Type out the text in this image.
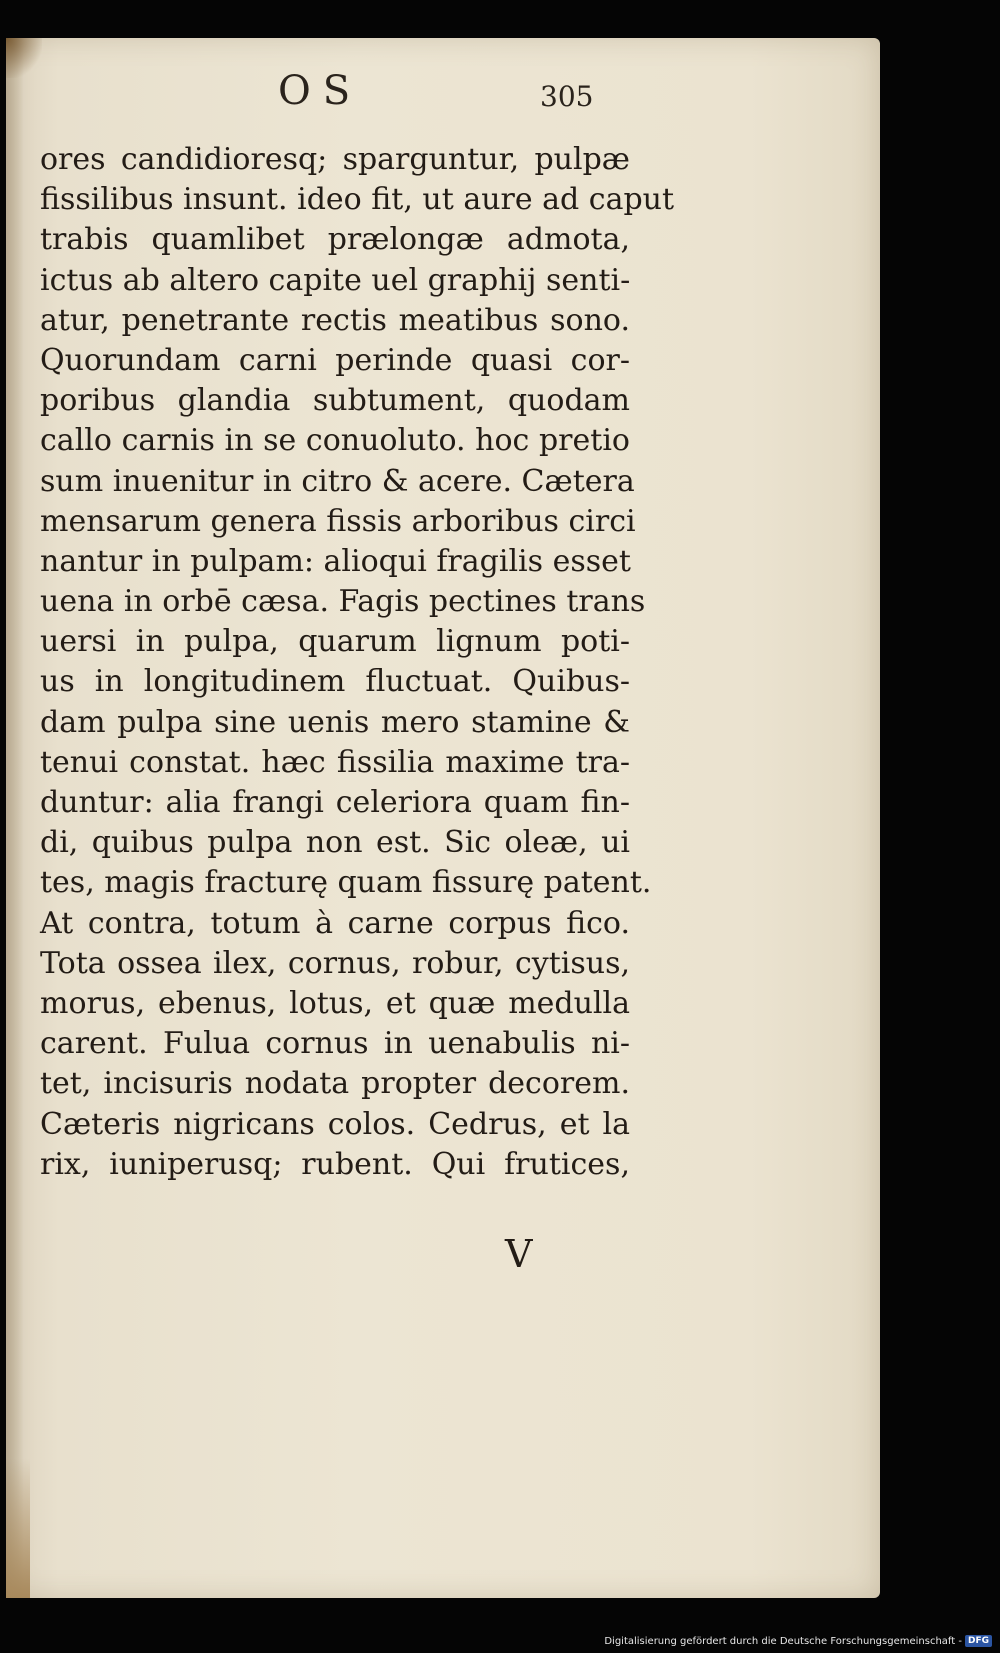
OS	305
ores candidioresq; sparguntur, pulpæ
fissilibus insunt. ideo fit, ut aure ad caput
trabis quamlibet prælongæ admota,
ictus ab altero capite uel graphij senti-
atur, penetrante rectis meatibus sono.
Quorundam carni perinde quasi cor-
poribus glandia subtument, quodam
callo carnis in se conuoluto. hoc pretio
sum inuenitur in citro & acere. Cætera
mensarum genera fissis arboribus circi
nantur in pulpam: alioqui fragilis esset
uena in orbē cæsa. Fagis pectines trans
uersi in pulpa, quarum lignum poti-
us in longitudinem fluctuat. Quibus-
dam pulpa sine uenis mero stamine &
tenui constat. hæc fissilia maxime tra-
duntur: alia frangi celeriora quam fin-
di, quibus pulpa non est. Sic oleæ, ui
tes, magis fracturę quam fissurę patent.
At contra, totum à carne corpus fico.
Tota ossea ilex, cornus, robur, cytisus,
morus, ebenus, lotus, et quæ medulla
carent. Fulua cornus in uenabulis ni-
tet, incisuris nodata propter decorem.
Cæteris nigricans colos. Cedrus, et la
rix, iuniperusq; rubent. Qui frutices,
V
Digitalisierung gefördert durch die Deutsche Forschungsgemeinschaft - DFG
